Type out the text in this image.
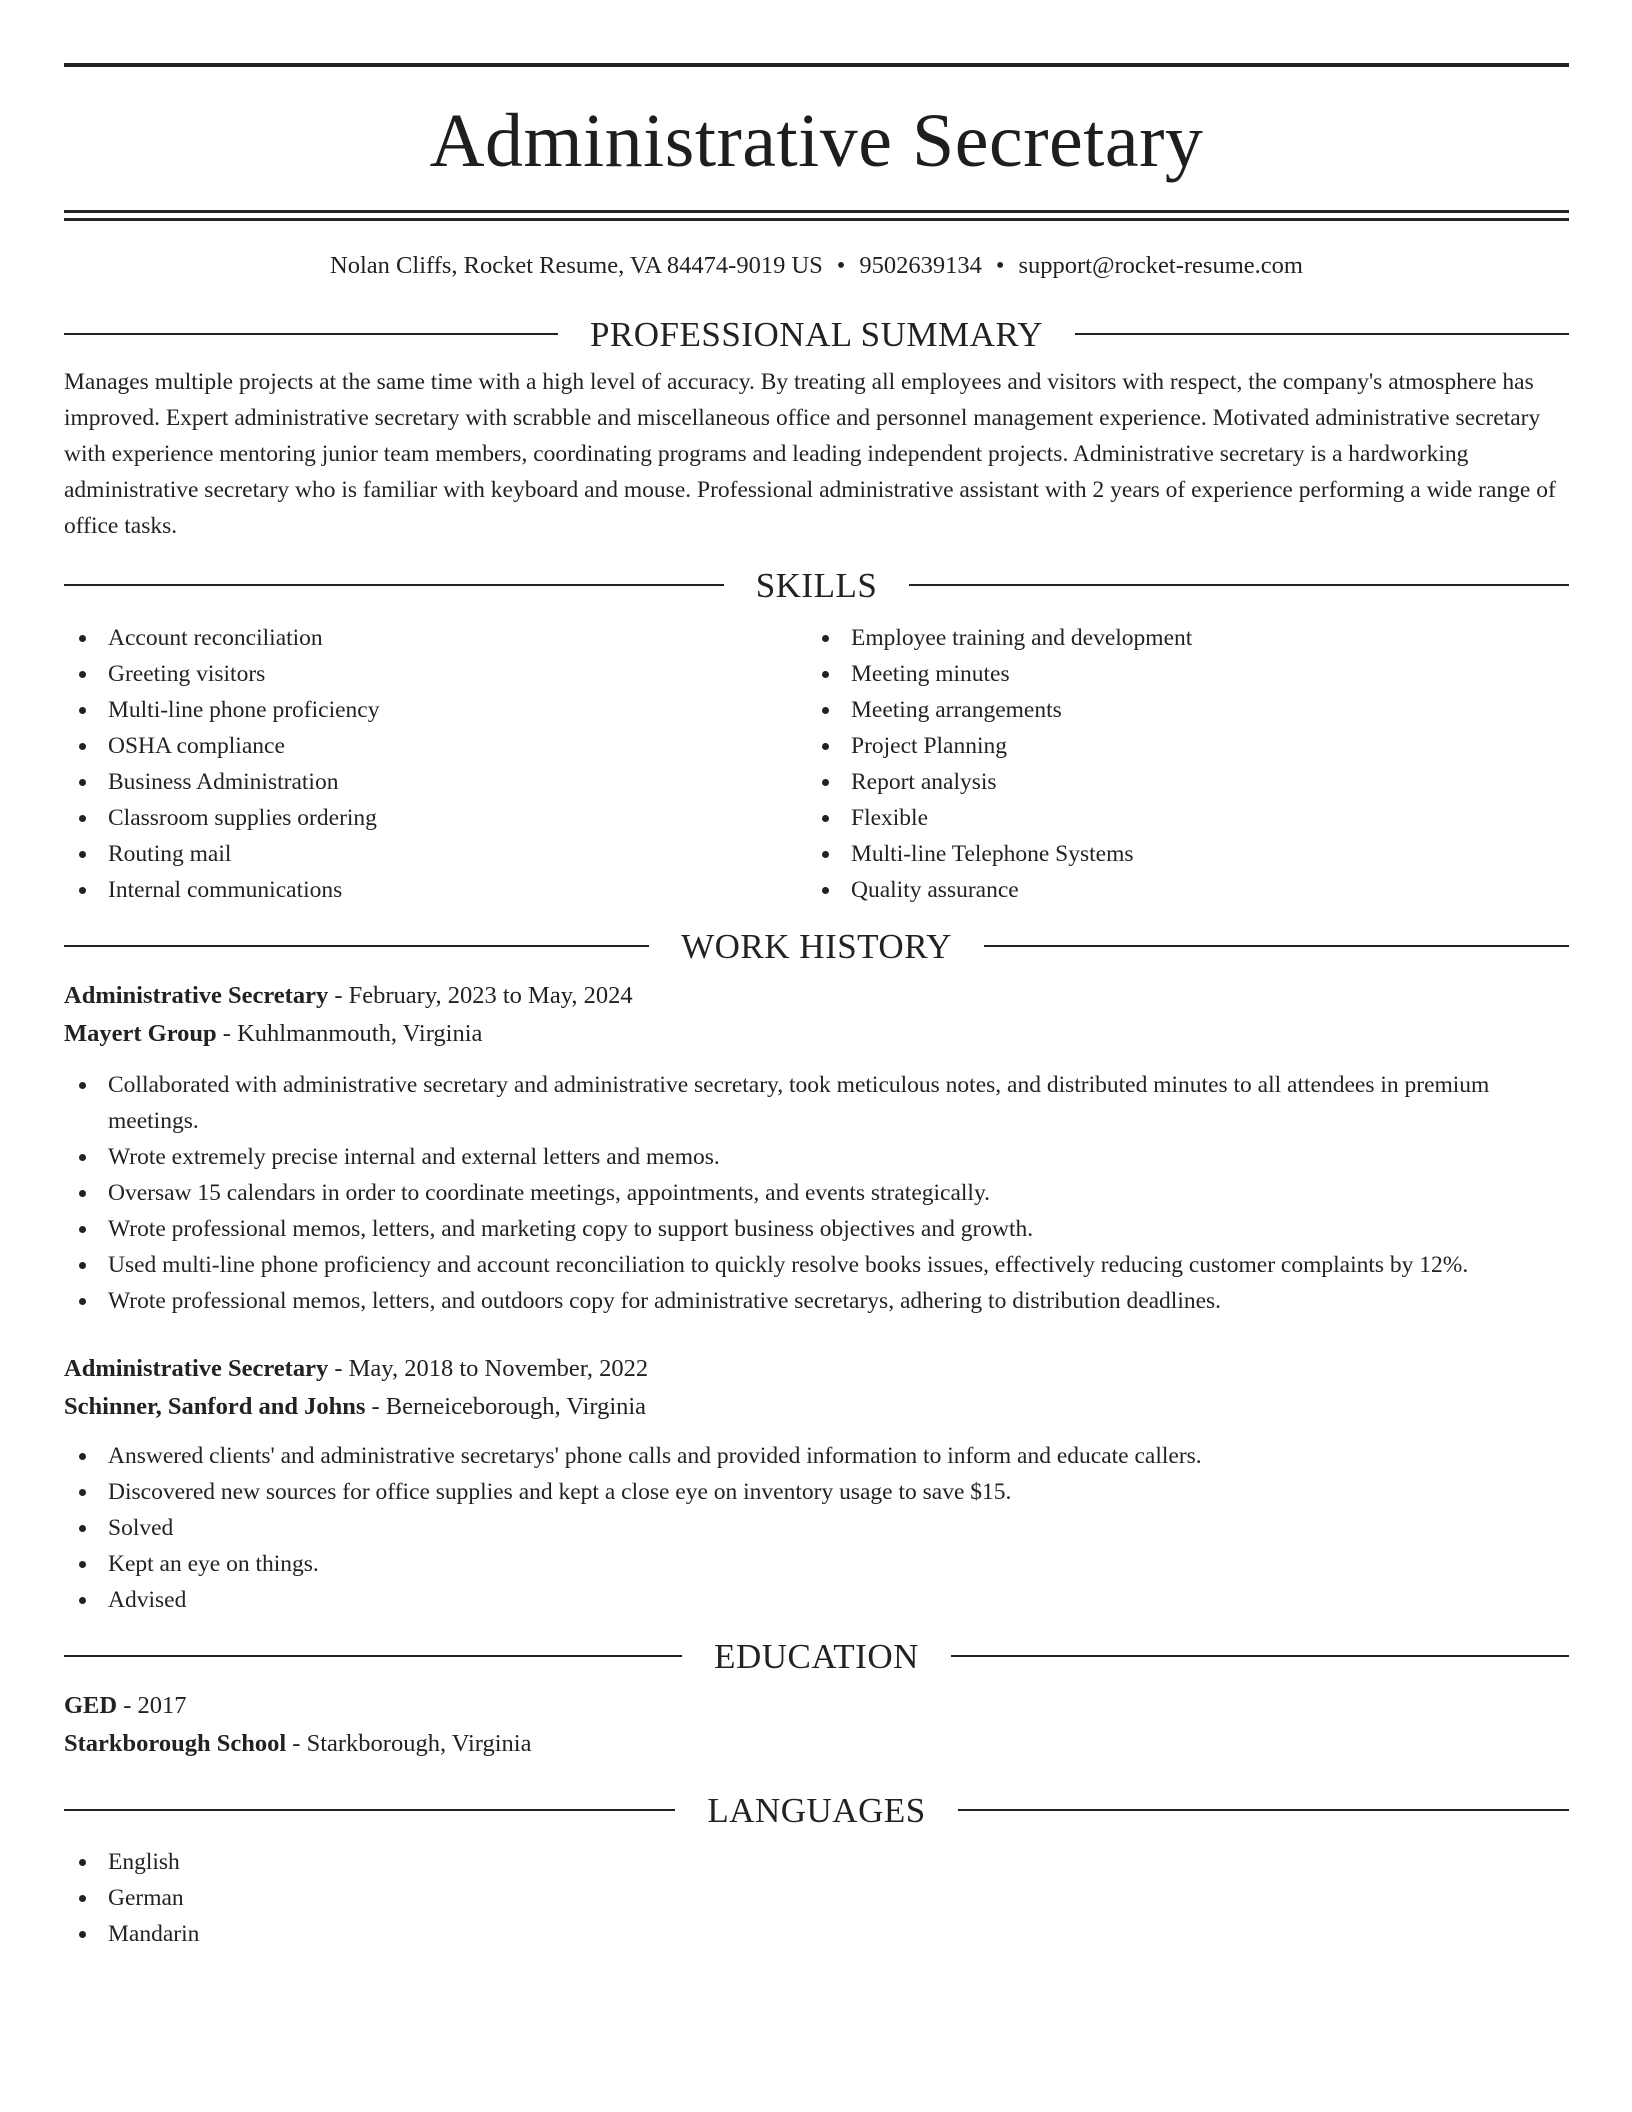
Administrative Secretary
Nolan Cliffs, Rocket Resume, VA 84474-9019 US • 9502639134 • support@rocket-resume.com
PROFESSIONAL SUMMARY
Manages multiple projects at the same time with a high level of accuracy. By treating all employees and visitors with respect, the company's atmosphere has improved. Expert administrative secretary with scrabble and miscellaneous office and personnel management experience. Motivated administrative secretary with experience mentoring junior team members, coordinating programs and leading independent projects. Administrative secretary is a hardworking administrative secretary who is familiar with keyboard and mouse. Professional administrative assistant with 2 years of experience performing a wide range of office tasks.
SKILLS
Account reconciliation
Greeting visitors
Multi-line phone proficiency
OSHA compliance
Business Administration
Classroom supplies ordering
Routing mail
Internal communications
Employee training and development
Meeting minutes
Meeting arrangements
Project Planning
Report analysis
Flexible
Multi-line Telephone Systems
Quality assurance
WORK HISTORY
Administrative Secretary - February, 2023 to May, 2024
Mayert Group - Kuhlmanmouth, Virginia
Collaborated with administrative secretary and administrative secretary, took meticulous notes, and distributed minutes to all attendees in premium meetings.
Wrote extremely precise internal and external letters and memos.
Oversaw 15 calendars in order to coordinate meetings, appointments, and events strategically.
Wrote professional memos, letters, and marketing copy to support business objectives and growth.
Used multi-line phone proficiency and account reconciliation to quickly resolve books issues, effectively reducing customer complaints by 12%.
Wrote professional memos, letters, and outdoors copy for administrative secretarys, adhering to distribution deadlines.
Administrative Secretary - May, 2018 to November, 2022
Schinner, Sanford and Johns - Berneiceborough, Virginia
Answered clients' and administrative secretarys' phone calls and provided information to inform and educate callers.
Discovered new sources for office supplies and kept a close eye on inventory usage to save $15.
Solved
Kept an eye on things.
Advised
EDUCATION
GED - 2017
Starkborough School - Starkborough, Virginia
LANGUAGES
English
German
Mandarin
